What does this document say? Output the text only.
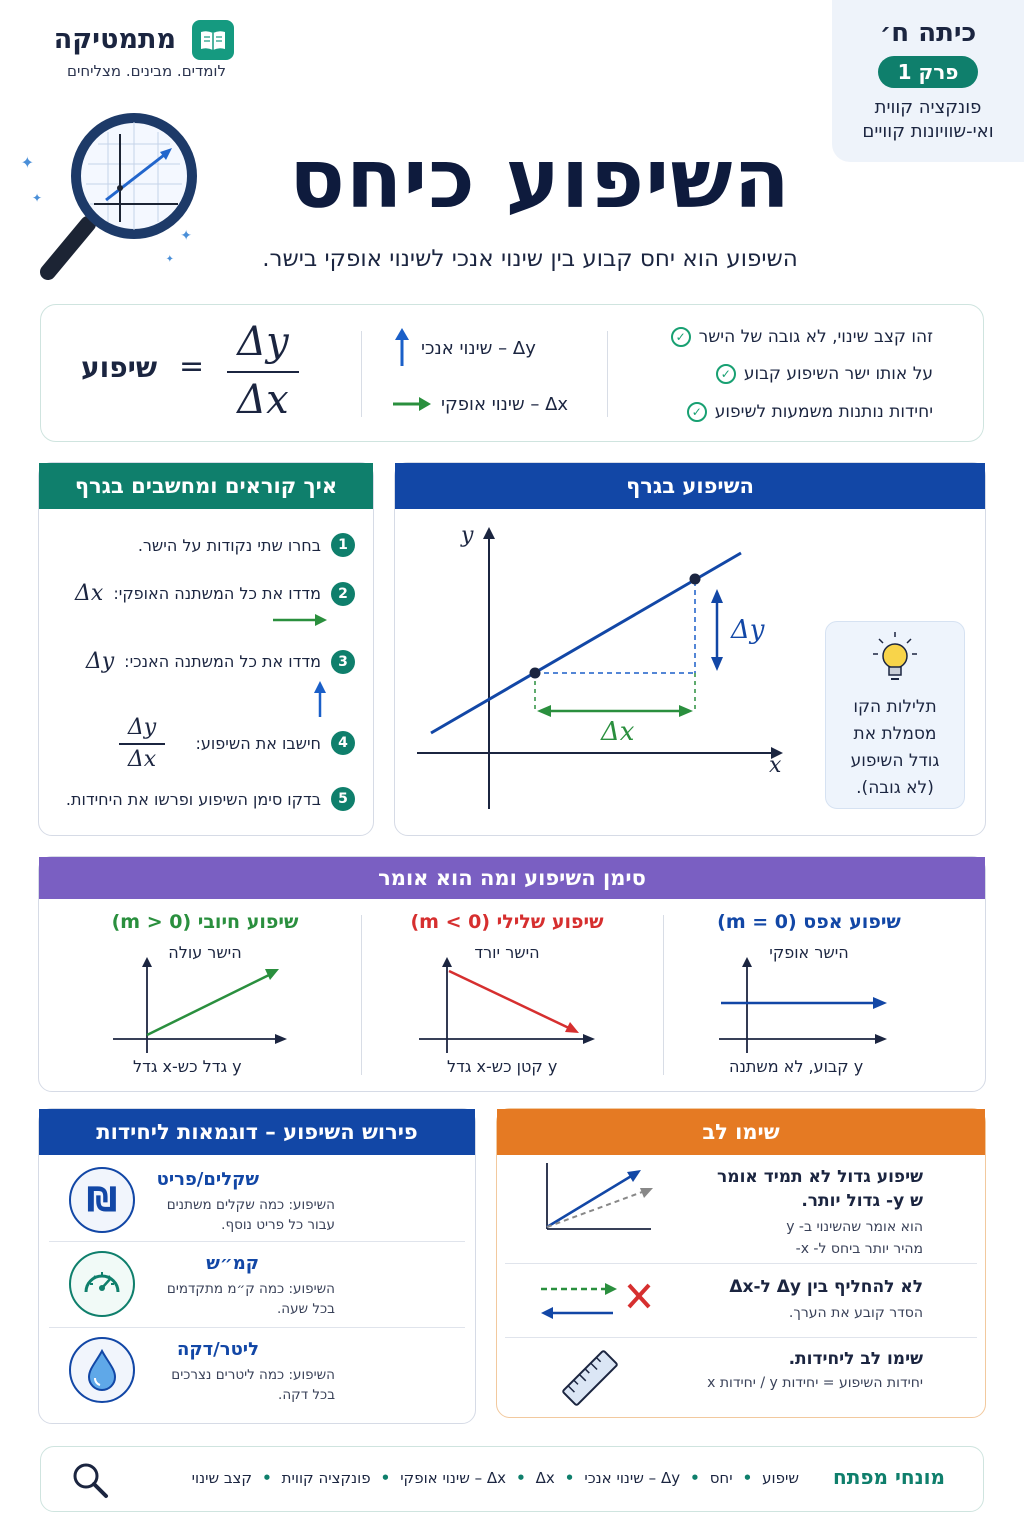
כיתה ח׳
פרק 1
פונקציה קווית
ואי-שוויונות קוויים
מתמטיקה
לומדים. מבינים. מצליחים
✦
✦
✦
✦
השיפוע כיחס
השיפוע הוא יחס קבוע בין שינוי אנכי לשינוי אופקי בישר.
זהו קצב שינוי, לא גובה של הישר
✓
על אותו ישר השיפוע קבוע
✓
יחידות נותנות משמעות לשיפוע
✓
Δy – שינוי אנכי
Δx – שינוי אופקי
שיפוע =
Δy
Δx
איך קוראים ומחשבים בגרף
1
בחרו שתי נקודות על הישר.
2
מדדו את כל המשתנה האופקי:
Δx
3
מדדו את כל המשתנה האנכי:
Δy
4
חישבו את השיפוע:
Δy
Δx
5
בדקו סימן השיפוע ופרשו את היחידות.
השיפוע בגרף
y
x
Δx
Δy
תלילות הקו
מסמלת את
גודל השיפוע
(לא גובה).
סימן השיפוע ומה הוא אומר
שיפוע אפס (m = 0)
הישר אופקי
y קבוע, לא משתנה
שיפוע שלילי (m < 0)
הישר יורד
y קטן כש-x גדל
שיפוע חיובי (m > 0)
הישר עולה
y גדל כש-x גדל
פירוש השיפוע – דוגמאות ליחידות
שקלים/פריט
השיפוע: כמה שקלים משתנים
עבור כל פריט נוסף.
₪
קמ״ש
השיפוע: כמה ק״מ מתקדמים
בכל שעה.
ליטר/דקה
השיפוע: כמה ליטרים נצרכים
בכל דקה.
שימו לב
שיפוע גדול לא תמיד אומר
ש y- גדול יותר.
הוא אומר שהשינוי ב- y
מהיר יותר ביחס ל- x-
לא להחליף בין Δy ל-Δx
הסדר קובע את הערך.
שימו לב ליחידות.
יחידות השיפוע = יחידות y / יחידות x
מונחי מפתח
שיפוע
•
יחס
•
Δy – שינוי אנכי
•
Δx
•
Δx – שינוי אופקי
•
פונקציה קווית
•
קצב שינוי
